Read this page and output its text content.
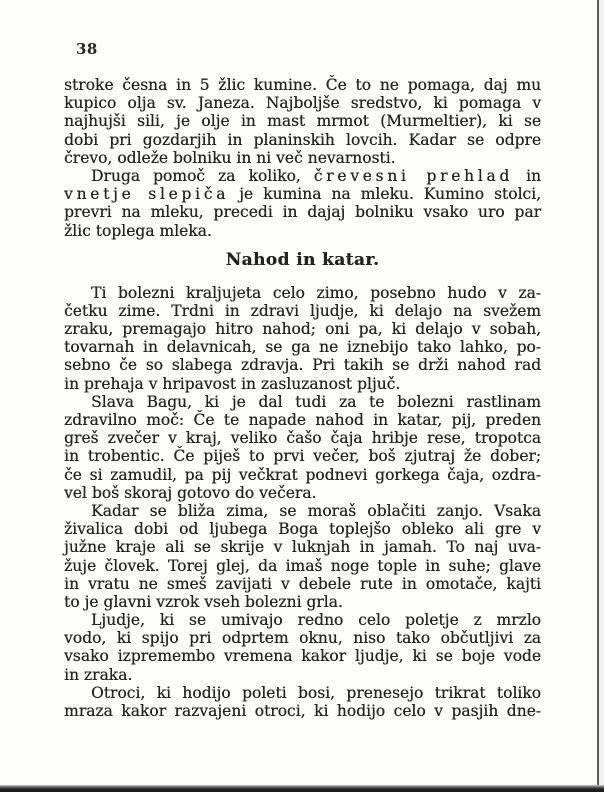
38
stroke česna in 5 žlic kumine. Če to ne pomaga, daj mu
kupico olja sv. Janeza. Najboljše sredstvo, ki pomaga v
najhujši sili, je olje in mast mrmot (Murmeltier), ki se
dobi pri gozdarjih in planinskih lovcih. Kadar se odpre
črevo, odleže bolniku in ni več nevarnosti.
Druga pomoč za koliko, črevesni prehlad in
vnetje slepiča je kumina na mleku. Kumino stolci,
prevri na mleku, precedi in dajaj bolniku vsako uro par
žlic toplega mleka.
Nahod in katar.
Ti bolezni kraljujeta celo zimo, posebno hudo v za-
četku zime. Trdni in zdravi ljudje, ki delajo na svežem
zraku, premagajo hitro nahod; oni pa, ki delajo v sobah,
tovarnah in delavnicah, se ga ne iznebijo tako lahko, po-
sebno če so slabega zdravja. Pri takih se drži nahod rad
in prehaja v hripavost in zasluzanost pljuč.
Slava Bagu, ki je dal tudi za te bolezni rastlinam
zdravilno moč: Če te napade nahod in katar, pij, preden
greš zvečer v kraj, veliko čašo čaja hribje rese, tropotca
in trobentic. Če piješ to prvi večer, boš zjutraj že dober;
če si zamudil, pa pij večkrat podnevi gorkega čaja, ozdra-
vel boš skoraj gotovo do večera.
Kadar se bliža zima, se moraš oblačiti zanjo. Vsaka
živalica dobi od ljubega Boga toplejšo obleko ali gre v
južne kraje ali se skrije v luknjah in jamah. To naj uva-
žuje človek. Torej glej, da imaš noge tople in suhe; glave
in vratu ne smeš zavijati v debele rute in omotače, kajti
to je glavni vzrok vseh bolezni grla.
Ljudje, ki se umivajo redno celo poletje z mrzlo
vodo, ki spijo pri odprtem oknu, niso tako občutljivi za
vsako izpremembo vremena kakor ljudje, ki se boje vode
in zraka.
Otroci, ki hodijo poleti bosi, prenesejo trikrat toliko
mraza kakor razvajeni otroci, ki hodijo celo v pasjih dne-
